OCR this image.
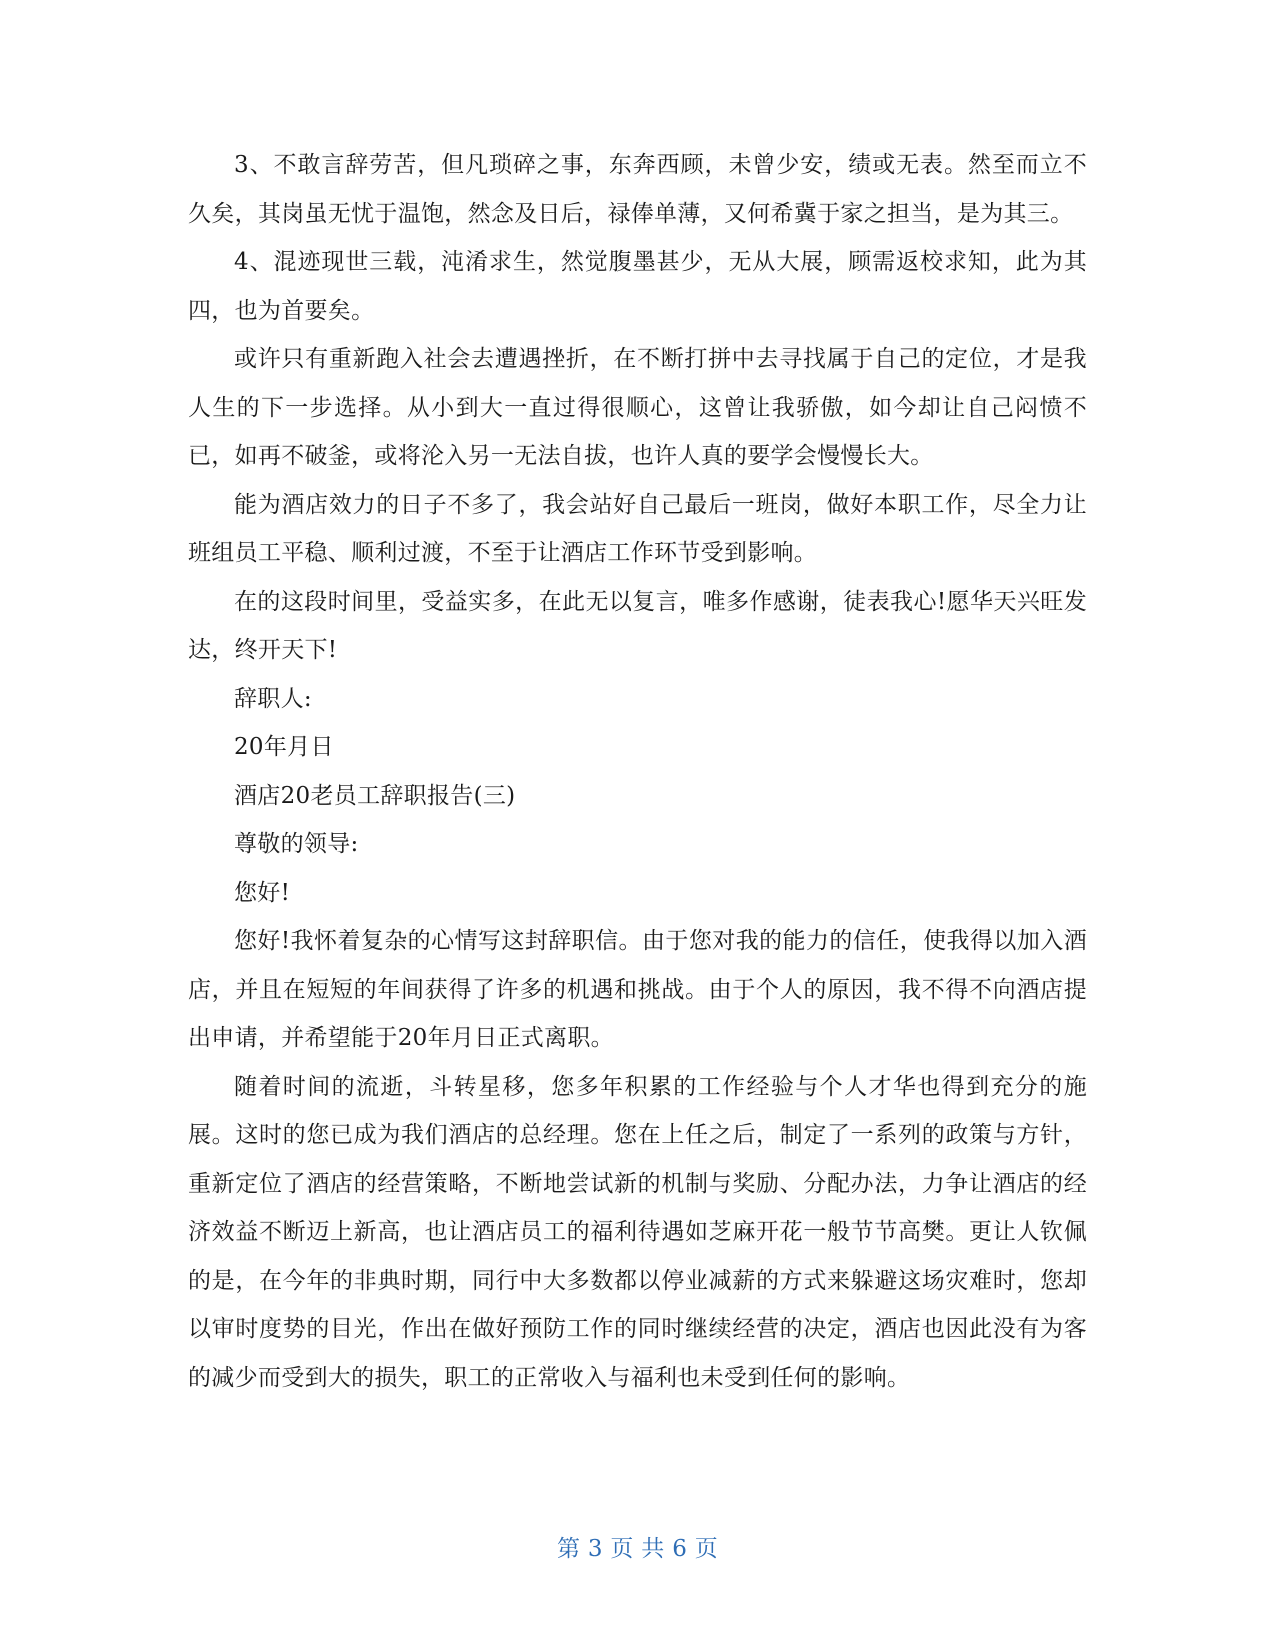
3、不敢言辞劳苦，但凡琐碎之事，东奔西顾，未曾少安，绩或无表。然至而立不久矣，其岗虽无忧于温饱，然念及日后，禄俸单薄，又何希冀于家之担当，是为其三。

4、混迹现世三载，沌淆求生，然觉腹墨甚少，无从大展，顾需返校求知，此为其四，也为首要矣。

或许只有重新跑入社会去遭遇挫折，在不断打拼中去寻找属于自己的定位，才是我人生的下一步选择。从小到大一直过得很顺心，这曾让我骄傲，如今却让自己闷愤不已，如再不破釜，或将沦入另一无法自拔，也许人真的要学会慢慢长大。

能为酒店效力的日子不多了，我会站好自己最后一班岗，做好本职工作，尽全力让班组员工平稳、顺利过渡，不至于让酒店工作环节受到影响。

在的这段时间里，受益实多，在此无以复言，唯多作感谢，徒表我心!愿华天兴旺发达，终开天下!

辞职人:

20年月日

酒店20老员工辞职报告(三)

尊敬的领导:

您好!

您好!我怀着复杂的心情写这封辞职信。由于您对我的能力的信任，使我得以加入酒店，并且在短短的年间获得了许多的机遇和挑战。由于个人的原因，我不得不向酒店提出申请，并希望能于20年月日正式离职。

随着时间的流逝，斗转星移，您多年积累的工作经验与个人才华也得到充分的施展。这时的您已成为我们酒店的总经理。您在上任之后，制定了一系列的政策与方针，重新定位了酒店的经营策略，不断地尝试新的机制与奖励、分配办法，力争让酒店的经济效益不断迈上新高，也让酒店员工的福利待遇如芝麻开花一般节节高樊。更让人钦佩的是，在今年的非典时期，同行中大多数都以停业减薪的方式来躲避这场灾难时，您却以审时度势的目光，作出在做好预防工作的同时继续经营的决定，酒店也因此没有为客的减少而受到大的损失，职工的正常收入与福利也未受到任何的影响。

第 3 页 共 6 页
